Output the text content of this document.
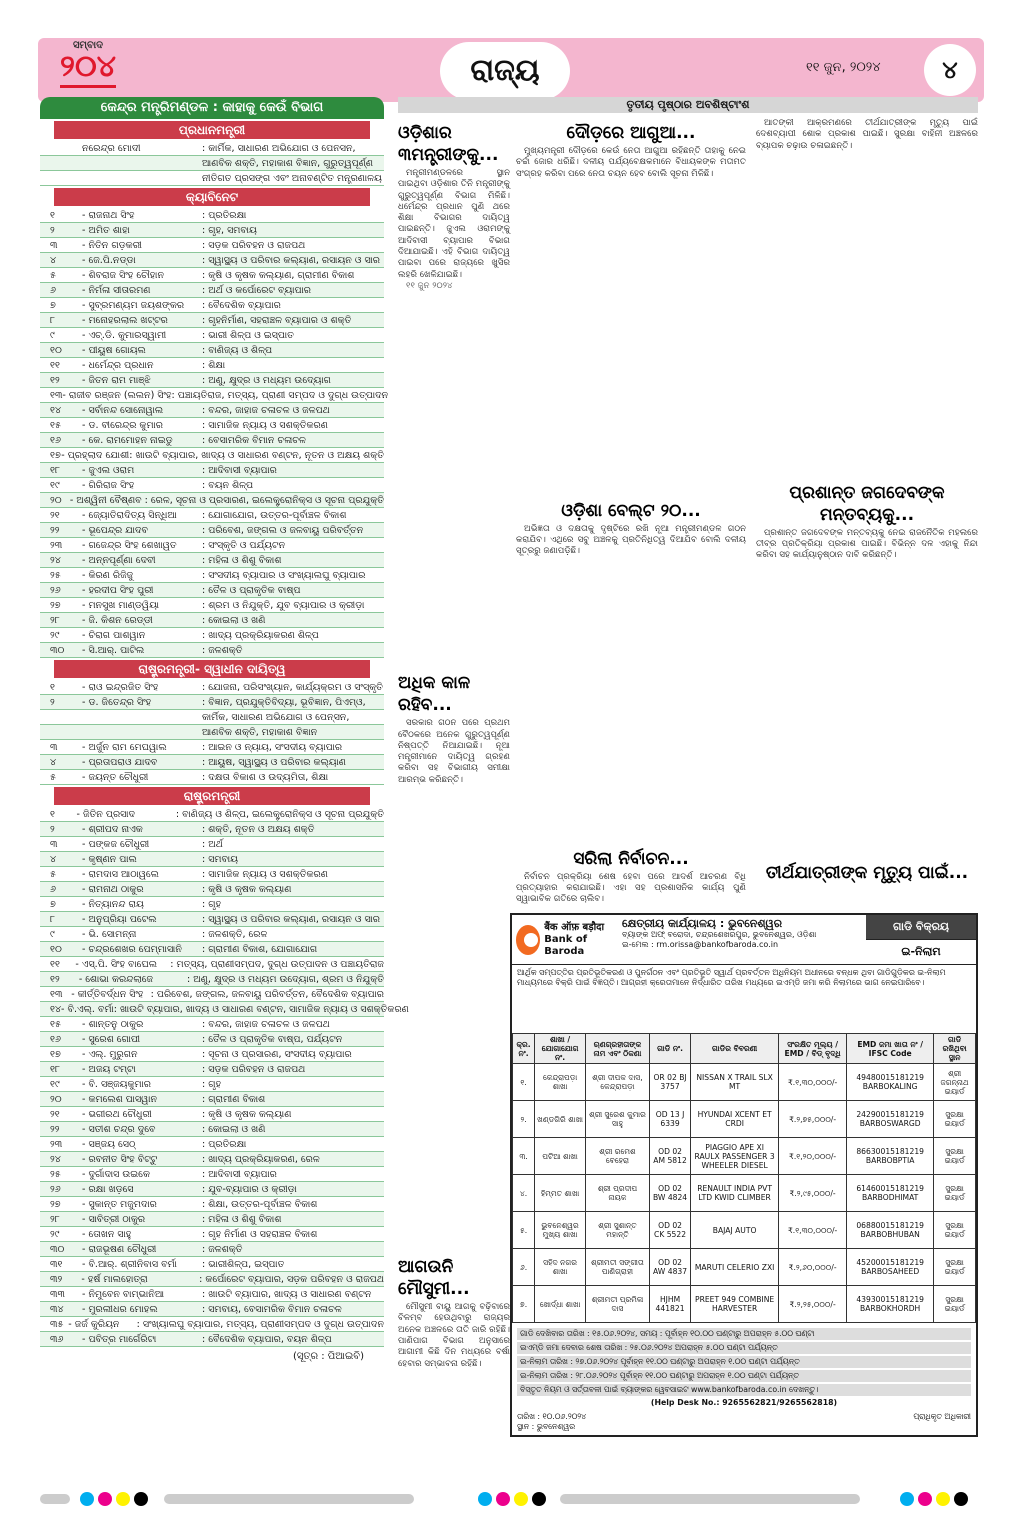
ସମ୍ବାଦ
୨୦୪	ରାଜ୍ୟ	୧୧ ଜୁନ, ୨୦୨୪	୪
କେନ୍ଦ୍ର ମନ୍ତ୍ରିମଣ୍ଡଳ : କାହାକୁ କେଉଁ ବିଭାଗ
ପ୍ରଧାନମନ୍ତ୍ରୀ
ନରେନ୍ଦ୍ର ମୋଦୀ	: କାର୍ମିକ, ସାଧାରଣ ଅଭିଯୋଗ ଓ ପେନସନ,
ଆଣବିକ ଶକ୍ତି, ମହାକାଶ ବିଜ୍ଞାନ, ଗୁରୁତ୍ୱପୂର୍ଣ୍ଣ
ନୀତିଗତ ପ୍ରସଙ୍ଗ ଏବଂ ଅନାବଣ୍ଟିତ ମନ୍ତ୍ରଣାଳୟ
କ୍ୟାବିନେଟ
୧	- ରାଜନାଥ ସିଂହ	: ପ୍ରତିରକ୍ଷା
୨	- ଅମିତ ଶାହା	: ଗୃହ, ସମବାୟ
୩	- ନିତିନ ଗଡ଼କରୀ	: ସଡ଼କ ପରିବହନ ଓ ରାଜପଥ
୪	- ଜେ.ପି.ନଡ୍ଡା	: ସ୍ୱାସ୍ଥ୍ୟ ଓ ପରିବାର କଲ୍ୟାଣ, ରସାୟନ ଓ ସାର
୫	- ଶିବରାଜ ସିଂହ ଚୌହାନ	: କୃଷି ଓ କୃଷକ କଲ୍ୟାଣ, ଗ୍ରାମୀଣ ବିକାଶ
୬	- ନିର୍ମଳା ସୀତାରମଣ	: ଅର୍ଥ ଓ କର୍ପୋରେଟ ବ୍ୟାପାର
୭	- ସୁବ୍ରମଣ୍ୟମ ଜୟଶଙ୍କର	: ବୈଦେଶିକ ବ୍ୟାପାର
୮	- ମନୋହରଲାଲ ଖଟ୍ଟର	: ଗୃହନିର୍ମାଣ, ସହରାଞ୍ଚଳ ବ୍ୟାପାର ଓ ଶକ୍ତି
୯	- ଏଚ୍.ଡି. କୁମାରସ୍ୱାମୀ	: ଭାରୀ ଶିଳ୍ପ ଓ ଇସ୍ପାତ
୧୦	- ପୀୟୁଷ ଗୋୟଲ	: ବାଣିଜ୍ୟ ଓ ଶିଳ୍ପ
୧୧	- ଧର୍ମେନ୍ଦ୍ର ପ୍ରଧାନ	: ଶିକ୍ଷା
୧୨	- ଜିତନ ରାମ ମାଞ୍ଝି	: ଅଣୁ, କ୍ଷୁଦ୍ର ଓ ମଧ୍ୟମ ଉଦ୍ୟୋଗ
୧୩ - ରାଜୀବ ରଞ୍ଜନ (ଲଲନ) ସିଂହ : ପଞ୍ଚାୟତିରାଜ, ମତ୍ସ୍ୟ, ପ୍ରାଣୀ ସମ୍ପଦ ଓ ଦୁଗ୍ଧ ଉତ୍ପାଦନ
୧୪	- ସର୍ବାନନ୍ଦ ସୋନୋୱାଲ	: ବନ୍ଦର, ଜାହାଜ ଚଳାଚଳ ଓ ଜଳପଥ
୧୫	- ଡ. ବୀରେନ୍ଦ୍ର କୁମାର	: ସାମାଜିକ ନ୍ୟାୟ ଓ ସଶକ୍ତିକରଣ
୧୬	- କେ. ରାମମୋହନ ନାଇଡୁ	: ବେସାମରିକ ବିମାନ ଚଳାଚଳ
୧୭ - ପ୍ରହ୍ଲାଦ ଯୋଶୀ : ଖାଉଟି ବ୍ୟାପାର, ଖାଦ୍ୟ ଓ ସାଧାରଣ ବଣ୍ଟନ, ନୂତନ ଓ ଅକ୍ଷୟ ଶକ୍ତି
୧୮	- ଜୁଏଲ ଓରାମ	: ଆଦିବାସୀ ବ୍ୟାପାର
୧୯	- ଗିରିରାଜ ସିଂହ	: ବୟନ ଶିଳ୍ପ
୨୦ - ଅଶ୍ୱିନୀ ବୈଷ୍ଣବ : ରେଳ, ସୂଚନା ଓ ପ୍ରସାରଣ, ଇଲେକ୍ଟ୍ରୋନିକ୍ସ ଓ ସୂଚନା ପ୍ରଯୁକ୍ତି
୨୧	- ଜ୍ୟୋତିରାଦିତ୍ୟ ସିନ୍ଧିଆ	: ଯୋଗାଯୋଗ, ଉତ୍ତର-ପୂର୍ବାଞ୍ଚଳ ବିକାଶ
୨୨	- ଭୂପେନ୍ଦ୍ର ଯାଦବ	: ପରିବେଶ, ଜଙ୍ଗଲ ଓ ଜଳବାୟୁ ପରିବର୍ତ୍ତନ
୨୩	- ଗଜେନ୍ଦ୍ର ସିଂହ ଶେଖାୱତ	: ସଂସ୍କୃତି ଓ ପର୍ଯ୍ୟଟନ
୨୪	- ଅନ୍ନପୂର୍ଣ୍ଣା ଦେବୀ	: ମହିଳା ଓ ଶିଶୁ ବିକାଶ
୨୫	- କିରଣ ରିଜିଜୁ	: ସଂସଦୀୟ ବ୍ୟାପାର ଓ ସଂଖ୍ୟାଲଘୁ ବ୍ୟାପାର
୨୬	- ହରଦୀପ ସିଂହ ପୁରୀ	: ତୈଳ ଓ ପ୍ରାକୃତିକ ବାଷ୍ପ
୨୭	- ମନସୁଖ ମାଣ୍ଡୱିୟା	: ଶ୍ରମ ଓ ନିଯୁକ୍ତି, ଯୁବ ବ୍ୟାପାର ଓ କ୍ରୀଡ଼ା
୨୮	- ଜି. କିଶନ ରେଡ୍ଡୀ	: କୋଇଲା ଓ ଖଣି
୨୯	- ଚିରାଗ ପାଶୱାନ	: ଖାଦ୍ୟ ପ୍ରକ୍ରିୟାକରଣ ଶିଳ୍ପ
୩୦	- ସି.ଆର୍. ପାଟିଲ	: ଜଳଶକ୍ତି
ରାଷ୍ଟ୍ରମନ୍ତ୍ରୀ- ସ୍ୱାଧୀନ ଦାୟିତ୍ୱ
୧	- ରାଓ ଇନ୍ଦ୍ରଜିତ ସିଂହ	: ଯୋଜନା, ପରିସଂଖ୍ୟାନ, କାର୍ଯ୍ୟକ୍ରମ ଓ ସଂସ୍କୃତି
୨	- ଡ. ଜିତେନ୍ଦ୍ର ସିଂହ	: ବିଜ୍ଞାନ, ପ୍ରଯୁକ୍ତିବିଦ୍ୟା, ଭୂବିଜ୍ଞାନ, ପିଏମ୍ଓ,
କାର୍ମିକ, ସାଧାରଣ ଅଭିଯୋଗ ଓ ପେନ୍ସନ,
ଆଣବିକ ଶକ୍ତି, ମହାକାଶ ବିଜ୍ଞାନ
୩	- ଅର୍ଜୁନ ରାମ ମେଘୱାଲ	: ଆଇନ ଓ ନ୍ୟାୟ, ସଂସଦୀୟ ବ୍ୟାପାର
୪	- ପ୍ରତାପରାଓ ଯାଦବ	: ଆୟୁଷ, ସ୍ୱାସ୍ଥ୍ୟ ଓ ପରିବାର କଲ୍ୟାଣ
୫	- ଜୟନ୍ତ ଚୌଧୁରୀ	: ଦକ୍ଷତା ବିକାଶ ଓ ଉଦ୍ୟମିତା, ଶିକ୍ଷା
ରାଷ୍ଟ୍ରମନ୍ତ୍ରୀ
୧	- ଜିତିନ ପ୍ରସାଦ	: ବାଣିଜ୍ୟ ଓ ଶିଳ୍ପ, ଇଲେକ୍ଟ୍ରୋନିକ୍ସ ଓ ସୂଚନା ପ୍ରଯୁକ୍ତି
୨	- ଶ୍ରୀପଦ ନାଏକ	: ଶକ୍ତି, ନୂତନ ଓ ଅକ୍ଷୟ ଶକ୍ତି
୩	- ପଙ୍କଜ ଚୌଧୁରୀ	: ଅର୍ଥ
୪	- କୃଷ୍ଣନ ପାଲ	: ସମବାୟ
୫	- ରାମଦାସ ଆଠାୱଲେ	: ସାମାଜିକ ନ୍ୟାୟ ଓ ସଶକ୍ତିକରଣ
୬	- ରାମନାଥ ଠାକୁର	: କୃଷି ଓ କୃଷକ କଲ୍ୟାଣ
୭	- ନିତ୍ୟାନନ୍ଦ ରାୟ	: ଗୃହ
୮	- ଅନୁପ୍ରିୟା ପଟେଲ	: ସ୍ୱାସ୍ଥ୍ୟ ଓ ପରିବାର କଲ୍ୟାଣ, ରସାୟନ ଓ ସାର
୯	- ଭି. ସୋମନ୍ନା	: ଜଳଶକ୍ତି, ରେଳ
୧୦	- ଚନ୍ଦ୍ରଶେଖର ପେମ୍ମାସାନି	: ଗ୍ରାମୀଣ ବିକାଶ, ଯୋଗାଯୋଗ
୧୧	- ଏସ୍.ପି. ସିଂହ ବାଘେଲ	: ମତ୍ସ୍ୟ, ପ୍ରାଣୀସମ୍ପଦ, ଦୁଗ୍ଧ ଉତ୍ପାଦନ ଓ ପଞ୍ଚାୟତିରାଜ
୧୨	- ଶୋଭା କରନ୍ଦଲାଜେ	: ଅଣୁ, କ୍ଷୁଦ୍ର ଓ ମଧ୍ୟମ ଉଦ୍ୟୋଗ, ଶ୍ରମ ଓ ନିଯୁକ୍ତି
୧୩ - କୀର୍ତ୍ତିବର୍ଦ୍ଧନ ସିଂହ : ପରିବେଶ, ଜଙ୍ଗଲ, ଜଳବାୟୁ ପରିବର୍ତ୍ତନ, ବୈଦେଶିକ ବ୍ୟାପାର
୧୪ - ବି.ଏଲ୍. ବର୍ମା : ଖାଉଟି ବ୍ୟାପାର, ଖାଦ୍ୟ ଓ ସାଧାରଣ ବଣ୍ଟନ, ସାମାଜିକ ନ୍ୟାୟ ଓ ସଶକ୍ତିକରଣ
୧୫	- ଶାନ୍ତନୁ ଠାକୁର	: ବନ୍ଦର, ଜାହାଜ ଚଳାଚଳ ଓ ଜଳପଥ
୧୬	- ସୁରେଶ ଗୋପୀ	: ତୈଳ ଓ ପ୍ରାକୃତିକ ବାଷ୍ପ, ପର୍ଯ୍ୟଟନ
୧୭	- ଏଲ୍. ମୁରୁଗନ	: ସୂଚନା ଓ ପ୍ରସାରଣ, ସଂସଦୀୟ ବ୍ୟାପାର
୧୮	- ଅଜୟ ଟମ୍ଟା	: ସଡ଼କ ପରିବହନ ଓ ରାଜପଥ
୧୯	- ବି. ସଞ୍ଜୟକୁମାର	: ଗୃହ
୨୦	- କମଲେଶ ପାସୱାନ	: ଗ୍ରାମୀଣ ବିକାଶ
୨୧	- ଭଗୀରଥ ଚୌଧୁରୀ	: କୃଷି ଓ କୃଷକ କଲ୍ୟାଣ
୨୨	- ସତୀଶ ଚନ୍ଦ୍ର ଦୁବେ	: କୋଇଲା ଓ ଖଣି
୨୩	- ସଞ୍ଜୟ ସେଠ୍	: ପ୍ରତିରକ୍ଷା
୨୪	- ରବନୀତ ସିଂହ ବିଟ୍ଟୁ	: ଖାଦ୍ୟ ପ୍ରକ୍ରିୟାକରଣ, ରେଳ
୨୫	- ଦୁର୍ଗାଦାସ ଉଇକେ	: ଆଦିବାସୀ ବ୍ୟାପାର
୨୬	- ରକ୍ଷା ଖଡ଼ସେ	: ଯୁବ-ବ୍ୟାପାର ଓ କ୍ରୀଡ଼ା
୨୭	- ସୁକାନ୍ତ ମଜୁମଦାର	: ଶିକ୍ଷା, ଉତ୍ତର-ପୂର୍ବାଞ୍ଚଳ ବିକାଶ
୨୮	- ସାବିତ୍ରୀ ଠାକୁର	: ମହିଳା ଓ ଶିଶୁ ବିକାଶ
୨୯	- ତୋଖନ ସାହୁ	: ଗୃହ ନିର୍ମାଣ ଓ ସହରାଞ୍ଚଳ ବିକାଶ
୩୦	- ରାଜଭୂଷଣ ଚୌଧୁରୀ	: ଜଳଶକ୍ତି
୩୧	- ବି.ଆର୍. ଶ୍ରୀନିବାସ ବର୍ମା	: ଭାରୀଶିଳ୍ପ, ଇସ୍ପାତ
୩୨	- ହର୍ଷ ମାଲହୋତ୍ରା	: କର୍ପୋରେଟ ବ୍ୟାପାର, ସଡ଼କ ପରିବହନ ଓ ରାଜପଥ
୩୩	- ନିମୁବେନ ବାମ୍ଭାନିଆ	: ଖାଉଟି ବ୍ୟାପାର, ଖାଦ୍ୟ ଓ ସାଧାରଣ ବଣ୍ଟନ
୩୪	- ମୁରଲୀଧର ମୋହଲ	: ସମବାୟ, ବେସାମରିକ ବିମାନ ଚଳାଚଳ
୩୫ - ଜର୍ଜ କୁରିୟନ	: ସଂଖ୍ୟାଲଘୁ ବ୍ୟାପାର, ମତ୍ସ୍ୟ, ପ୍ରାଣୀସମ୍ପଦ ଓ ଦୁଗ୍ଧ ଉତ୍ପାଦନ
୩୬	- ପବିତ୍ର ମାର୍ଗେରିଟା	: ବୈଦେଶିକ ବ୍ୟାପାର, ବୟନ ଶିଳ୍ପ
(ସୂତ୍ର : ପିଆଇବି)
ତୃତୀୟ ପୃଷ୍ଠାର ଅବଶିଷ୍ଟାଂଶ
ଓଡ଼ିଶାର ୩ମନ୍ତ୍ରୀଙ୍କୁ...

ମନ୍ତ୍ରୀମଣ୍ଡଳରେ ସ୍ଥାନ ପାଇଥିବା ଓଡ଼ିଶାର ତିନି ମନ୍ତ୍ରୀଙ୍କୁ ଗୁରୁତ୍ୱପୂର୍ଣ୍ଣ ବିଭାଗ ମିଳିଛି। ଧର୍ମେନ୍ଦ୍ର ପ୍ରଧାନ ପୁଣି ଥରେ ଶିକ୍ଷା ବିଭାଗର ଦାୟିତ୍ୱ ପାଇଛନ୍ତି। ଜୁଏଲ ଓରାମଙ୍କୁ ଆଦିବାସୀ ବ୍ୟାପାର ବିଭାଗ ଦିଆଯାଇଛି। ଏହି ବିଭାଗ ଦାୟିତ୍ୱ ପାଇବା ପରେ ରାଜ୍ୟରେ ଖୁସିର ଲହରି ଖେଳିଯାଇଛି।

୧୧ ଜୁନ ୨୦୨୪

ଅଧିକ କାଳ ରହିବ...

ସରକାର ଗଠନ ପରେ ପ୍ରଥମ ବୈଠକରେ ଅନେକ ଗୁରୁତ୍ୱପୂର୍ଣ୍ଣ ନିଷ୍ପତ୍ତି ନିଆଯାଇଛି। ନୂଆ ମନ୍ତ୍ରୀମାନେ ଦାୟିତ୍ୱ ଗ୍ରହଣ କରିବା ସହ ବିଭାଗୀୟ ସମୀକ୍ଷା ଆରମ୍ଭ କରିଛନ୍ତି।

ଆଗଉନି ମୌସୁମୀ...

ମୌସୁମୀ ବାୟୁ ଆଗକୁ ବଢ଼ିବାରେ ବିଳମ୍ବ ହେଉଥିବାରୁ ରାଜ୍ୟର ଅନେକ ଅଞ୍ଚଳରେ ତାତି ଜାରି ରହିଛି। ପାଣିପାଗ ବିଭାଗ ଅନୁସାରେ ଆଗାମୀ କିଛି ଦିନ ମଧ୍ୟରେ ବର୍ଷା ହେବାର ସମ୍ଭାବନା ରହିଛି।

ଦୌଡ଼ରେ ଆଗୁଆ...

ମୁଖ୍ୟମନ୍ତ୍ରୀ ଦୌଡ଼ରେ କେଉଁ ନେତା ଆଗୁଆ ରହିଛନ୍ତି ତାହାକୁ ନେଇ ଚର୍ଚ୍ଚା ଜୋର ଧରିଛି। ଦଳୀୟ ପର୍ଯ୍ୟବେକ୍ଷକମାନେ ବିଧାୟକଙ୍କ ମତାମତ ସଂଗ୍ରହ କରିବା ପରେ ନେତା ଚୟନ ହେବ ବୋଲି ସୂଚନା ମିଳିଛି।

ଓଡ଼ିଶା ବେଲ୍ଟ ୨୦...

ଅଭିଜ୍ଞତା ଓ ଦକ୍ଷତାକୁ ଦୃଷ୍ଟିରେ ରଖି ନୂଆ ମନ୍ତ୍ରୀମଣ୍ଡଳ ଗଠନ କରାଯିବ। ଏଥିରେ ସବୁ ଅଞ୍ଚଳକୁ ପ୍ରତିନିଧିତ୍ୱ ଦିଆଯିବ ବୋଲି ଦଳୀୟ ସୂତ୍ରରୁ ଜଣାପଡ଼ିଛି।

ସରିଲା ନିର୍ବାଚନ...

ନିର୍ବାଚନ ପ୍ରକ୍ରିୟା ଶେଷ ହେବା ପରେ ଆଦର୍ଶ ଆଚରଣ ବିଧି ପ୍ରତ୍ୟାହାର କରାଯାଇଛି। ଏହା ସହ ପ୍ରଶାସନିକ କାର୍ଯ୍ୟ ପୁଣି ସ୍ୱାଭାବିକ ଗତିରେ ଚାଲିବ।

ଆତଙ୍କୀ ଆକ୍ରମଣରେ ତୀର୍ଥଯାତ୍ରୀଙ୍କ ମୃତ୍ୟୁ ପାଇଁ ଦେଶବ୍ୟାପୀ ଶୋକ ପ୍ରକାଶ ପାଇଛି। ସୁରକ୍ଷା ବାହିନୀ ଅଞ୍ଚଳରେ ବ୍ୟାପକ ଚଢ଼ାଉ ଚଳାଇଛନ୍ତି।

ପ୍ରଶାନ୍ତ ଜଗଦେବଙ୍କ ମନ୍ତବ୍ୟକୁ...

ପ୍ରଶାନ୍ତ ଜଗଦେବଙ୍କ ମନ୍ତବ୍ୟକୁ ନେଇ ରାଜନୈତିକ ମହଲରେ ତୀବ୍ର ପ୍ରତିକ୍ରିୟା ପ୍ରକାଶ ପାଇଛି। ବିଭିନ୍ନ ଦଳ ଏହାକୁ ନିନ୍ଦା କରିବା ସହ କାର୍ଯ୍ୟାନୁଷ୍ଠାନ ଦାବି କରିଛନ୍ତି।

ତୀର୍ଥଯାତ୍ରୀଙ୍କ ମୃତ୍ୟୁ ପାଇଁ...
बैंक ऑफ़ बड़ौदा
Bank of Baroda
କ୍ଷେତ୍ରୀୟ କାର୍ଯ୍ୟାଳୟ : ଭୁବନେଶ୍ୱର
ବ୍ୟାଙ୍କ ଅଫ୍ ବରୋଦା, ଚନ୍ଦ୍ରଶେଖରପୁର, ଭୁବନେଶ୍ୱର, ଓଡ଼ିଶା
ଇ-ମେଲ : rm.orissa@bankofbaroda.co.in
ଗାଡି ବିକ୍ରୟ
ଇ-ନିଲାମ
ଆର୍ଥିକ ସମ୍ପତ୍ତିର ପ୍ରତିଭୂତିକରଣ ଓ ପୁନର୍ଗଠନ ଏବଂ ପ୍ରତିଭୂତି ସ୍ୱାର୍ଥ ପ୍ରବର୍ତ୍ତନ ଅଧିନିୟମ ଅଧୀନରେ ବନ୍ଧକ ଥିବା ଗାଡିଗୁଡ଼ିକର ଇ-ନିଲାମ ମାଧ୍ୟମରେ ବିକ୍ରି ପାଇଁ ବିଜ୍ଞପ୍ତି। ଆଗ୍ରହୀ କ୍ରେତାମାନେ ନିର୍ଦ୍ଧାରିତ ତାରିଖ ମଧ୍ୟରେ ଇଏମ୍‌ଡି ଜମା କରି ନିଲାମରେ ଭାଗ ନେଇପାରିବେ।
କ୍ର. ନଂ.	ଶାଖା / ଯୋଗାଯୋଗ ନଂ.	ଋଣଗ୍ରହୀତାଙ୍କ ନାମ ଏବଂ ଠିକଣା	ଗାଡି ନଂ.	ଗାଡିର ବିବରଣୀ	ସଂରକ୍ଷିତ ମୂଲ୍ୟ / EMD / ବିଡ୍ ବୃଦ୍ଧି	EMD ଜମା ଖାତା ନଂ / IFSC Code	ଗାଡି ରଖିଥିବା ସ୍ଥାନ
୧.	କେନ୍ଦ୍ରାପଡ଼ା ଶାଖା	ଶ୍ରୀ ଦୀପକ ଦାସ, କେନ୍ଦ୍ରାପଡ଼ା	OR 02 BJ 3757	NISSAN X TRAIL SLX MT	₹.୧,୩୦,୦୦୦/-	49480015181219 BARBOKALING	ଶ୍ରୀ ଜଗନ୍ନାଥ ଇୟାର୍ଡ
୨.	ଖଣ୍ଡଗିରି ଶାଖା	ଶ୍ରୀ ସୁରେଶ କୁମାର ସାହୁ	OD 13 J 6339	HYUNDAI XCENT ET CRDI	₹.୨,୭୫,୦୦୦/-	24290015181219 BARBOSWARGD	ସୁରକ୍ଷା ଇୟାର୍ଡ
୩.	ପଟିଆ ଶାଖା	ଶ୍ରୀ ରମେଶ ବେହେରା	OD 02 AM 5812	PIAGGIO APE XI RAULX PASSENGER 3 WHEELER DIESEL	₹.୧,୨୦,୦୦୦/-	86630015181219 BARBOBPTIA	ସୁରକ୍ଷା ଇୟାର୍ଡ
୪.	ହିମ୍ମତ ଶାଖା	ଶ୍ରୀ ପ୍ରଦୀପ ନାୟକ	OD 02 BW 4824	RENAULT INDIA PVT LTD KWID CLIMBER	₹.୨,୯୫,୦୦୦/-	61460015181219 BARBODHIMAT	ସୁରକ୍ଷା ଇୟାର୍ଡ
୫.	ଭୁବନେଶ୍ୱର ମୁଖ୍ୟ ଶାଖା	ଶ୍ରୀ ସୁଶାନ୍ତ ମହାନ୍ତି	OD 02 CK 5522	BAJAJ AUTO	₹.୧,୩୦,୦୦୦/-	06880015181219 BARBOBHUBAN	ସୁରକ୍ଷା ଇୟାର୍ଡ
୬.	ସହିଦ ନଗର ଶାଖା	ଶ୍ରୀମତୀ ସଙ୍ଗୀତା ପାଣିଗ୍ରାହୀ	OD 02 AW 4837	MARUTI CELERIO ZXI	₹.୨,୬୦,୦୦୦/-	45200015181219 BARBOSAHEED	ସୁରକ୍ଷା ଇୟାର୍ଡ
୭.	ଖୋର୍ଦ୍ଧା ଶାଖା	ଶ୍ରୀମତୀ ପ୍ରମିଳା ଦାସ	HJHM 441821	PREET 949 COMBINE HARVESTER	₹.୨,୨୫,୦୦୦/-	43930015181219 BARBOKHORDH	ସୁରକ୍ଷା ଇୟାର୍ଡ
ଗାଡି ଦେଖିବାର ତାରିଖ : ୧୫.୦୬.୨୦୨୪, ସମୟ : ପୂର୍ବାହ୍ନ ୧୦.୦୦ ଘଣ୍ଟାରୁ ଅପରାହ୍ନ ୫.୦୦ ଘଣ୍ଟା
ଇଏମ୍‌ଡି ଜମା ଦେବାର ଶେଷ ତାରିଖ : ୨୫.୦୬.୨୦୨୪ ଅପରାହ୍ନ ୫.୦୦ ଘଣ୍ଟା ପର୍ଯ୍ୟନ୍ତ
ଇ-ନିଲାମ ତାରିଖ : ୨୭.୦୬.୨୦୨୪ ପୂର୍ବାହ୍ନ ୧୧.୦୦ ଘଣ୍ଟାରୁ ଅପରାହ୍ନ ୧.୦୦ ଘଣ୍ଟା ପର୍ଯ୍ୟନ୍ତ
ଇ-ନିଲାମ ତାରିଖ : ୨୮.୦୬.୨୦୨୪ ପୂର୍ବାହ୍ନ ୧୧.୦୦ ଘଣ୍ଟାରୁ ଅପରାହ୍ନ ୧.୦୦ ଘଣ୍ଟା ପର୍ଯ୍ୟନ୍ତ
ବିସ୍ତୃତ ନିୟମ ଓ ସର୍ତ୍ତାବଳୀ ପାଇଁ ବ୍ୟାଙ୍କର ୱେବସାଇଟ www.bankofbaroda.co.in ଦେଖନ୍ତୁ।
(Help Desk No.: 9265562821/9265562818)
ତାରିଖ : ୧୦.୦୬.୨୦୨୪
ସ୍ଥାନ : ଭୁବନେଶ୍ୱର
ପ୍ରାଧିକୃତ ଅଧିକାରୀ
